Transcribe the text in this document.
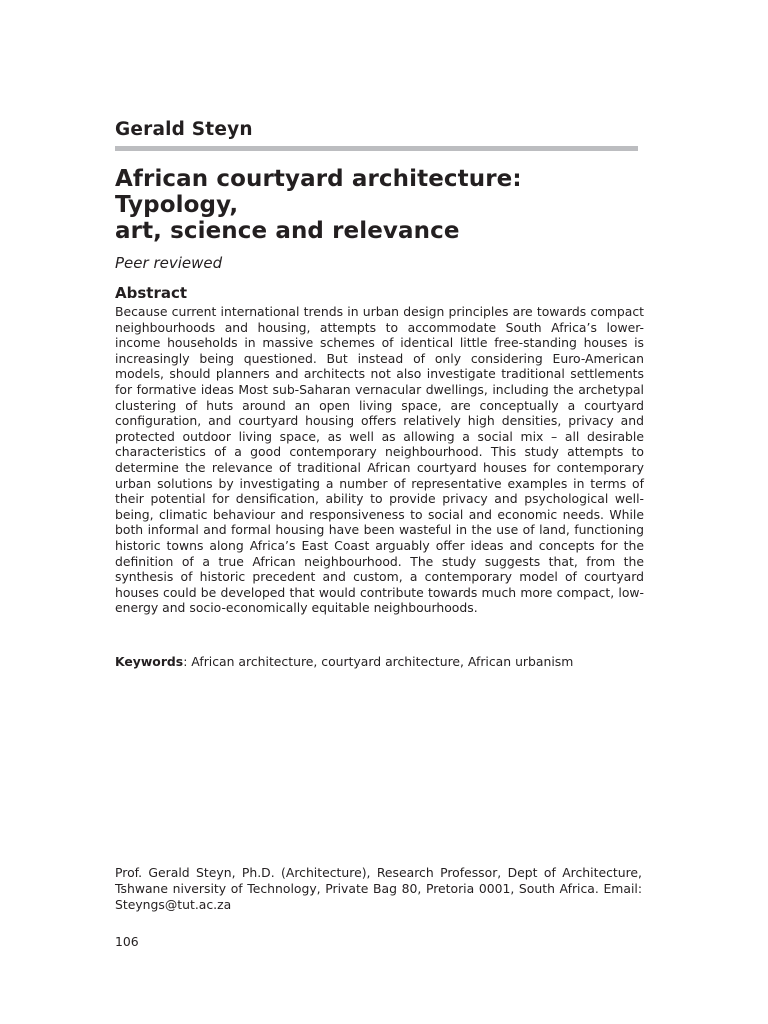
Gerald Steyn
African courtyard architecture: Typology,
art, science and relevance
Peer reviewed
Abstract

Because current international trends in urban design principles are towards compact neighbourhoods and housing, attempts to accommodate South Africa’s lower-income households in massive schemes of identical little free-standing houses is increasingly being questioned. But instead of only considering Euro-American models, should planners and architects not also investigate traditional settlements for formative ideas Most sub-Saharan vernacular dwellings, including the archetypal clustering of huts around an open living space, are conceptually a courtyard configuration, and courtyard housing offers relatively high densities, privacy and protected outdoor living space, as well as allowing a social mix – all desirable characteristics of a good contemporary neighbourhood. This study attempts to determine the relevance of traditional African courtyard houses for contemporary urban solutions by investigating a number of representative examples in terms of their potential for densification, ability to provide privacy and psychological well-being, climatic behaviour and responsiveness to social and economic needs. While both informal and formal housing have been wasteful in the use of land, functioning historic towns along Africa’s East Coast arguably offer ideas and concepts for the definition of a true African neighbourhood. The study suggests that, from the synthesis of historic precedent and custom, a contemporary model of courtyard houses could be developed that would contribute towards much more compact, low-energy and socio-economically equitable neighbourhoods.

Keywords: African architecture, courtyard architecture, African urbanism

Prof. Gerald Steyn, Ph.D. (Architecture), Research Professor, Dept of Architecture, Tshwane niversity of Technology, Private Bag 80, Pretoria 0001, South Africa. Email: Steyngs@tut.ac.za

106
